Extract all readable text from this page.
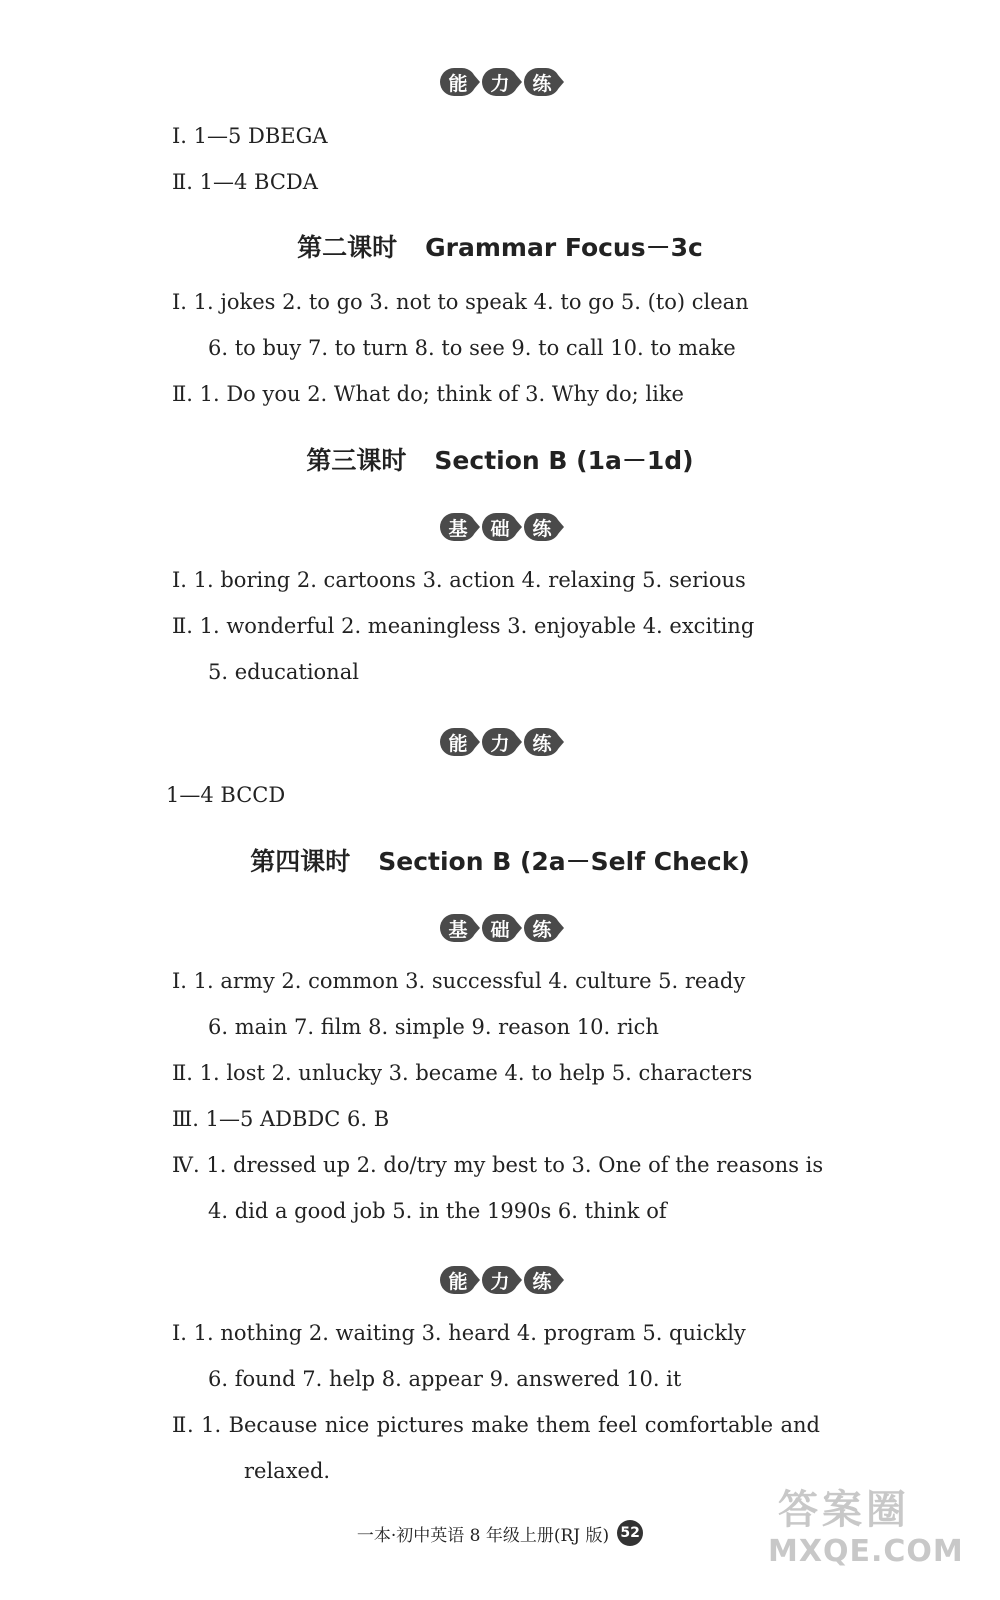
能	力	练
Ⅰ. 1—5 DBEGA
Ⅱ. 1—4 BCDA
第二课时 Grammar Focus－3c
Ⅰ. 1. jokes 2. to go 3. not to speak 4. to go 5. (to) clean
6. to buy 7. to turn 8. to see 9. to call 10. to make
Ⅱ. 1. Do you 2. What do; think of 3. Why do; like
第三课时 Section B (1a－1d)
基	础	练
Ⅰ. 1. boring 2. cartoons 3. action 4. relaxing 5. serious
Ⅱ. 1. wonderful 2. meaningless 3. enjoyable 4. exciting
5. educational
能	力	练
1—4 BCCD
第四课时 Section B (2a－Self Check)
基	础	练
Ⅰ. 1. army 2. common 3. successful 4. culture 5. ready
6. main 7. film 8. simple 9. reason 10. rich
Ⅱ. 1. lost 2. unlucky 3. became 4. to help 5. characters
Ⅲ. 1—5 ADBDC 6. B
Ⅳ. 1. dressed up 2. do/try my best to 3. One of the reasons is
4. did a good job 5. in the 1990s 6. think of
能	力	练
Ⅰ. 1. nothing 2. waiting 3. heard 4. program 5. quickly
6. found 7. help 8. appear 9. answered 10. it
Ⅱ. 1. Because nice pictures make them feel comfortable and
relaxed.
一本·初中英语 8 年级上册(RJ 版) 52	答案圈
MXQE.COM
